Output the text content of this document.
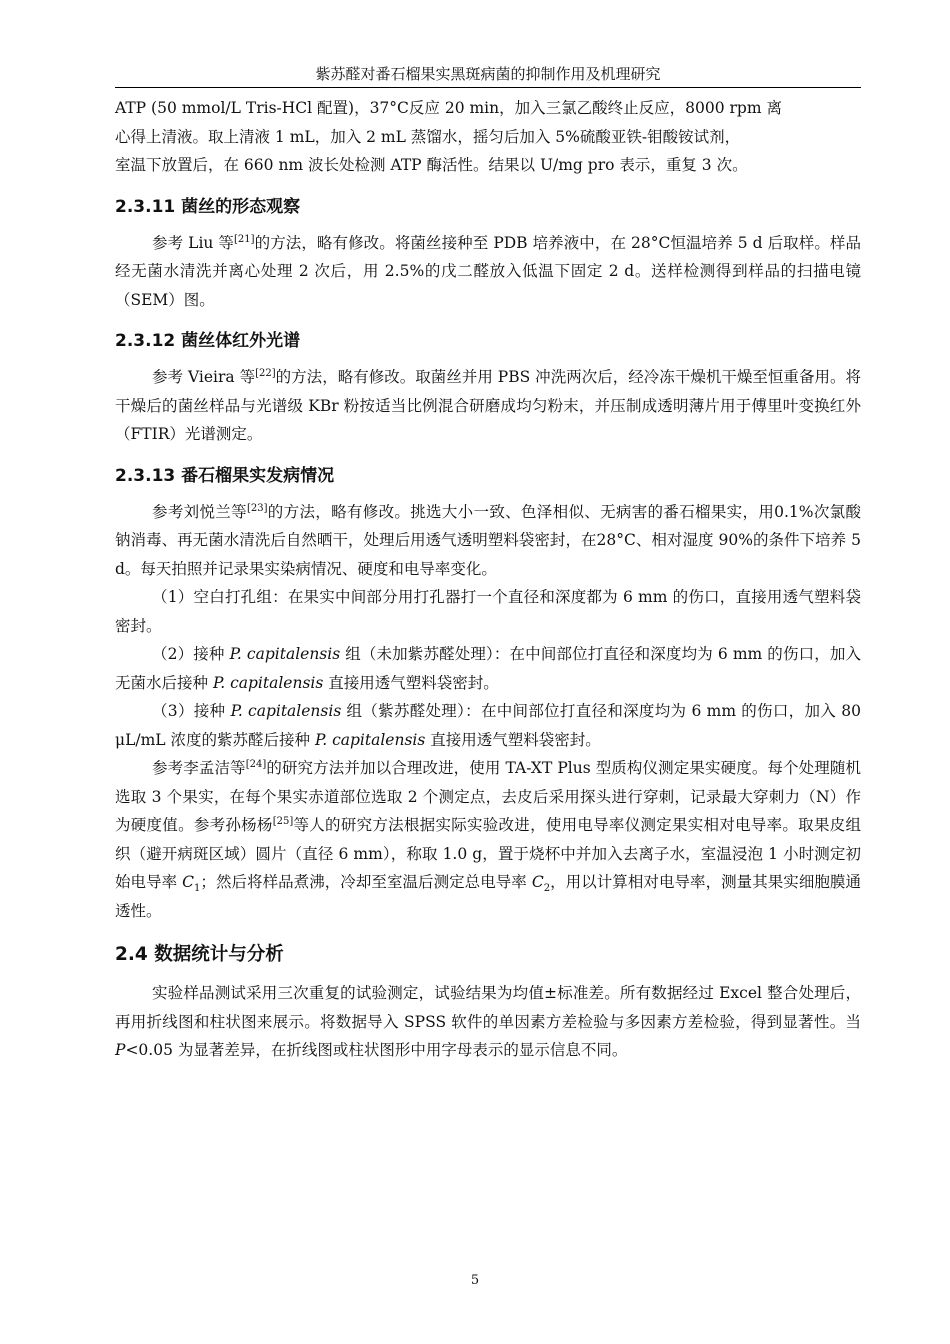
紫苏醛对番石榴果实黑斑病菌的抑制作用及机理研究

ATP (50 mmol/L Tris-HCl 配置)，37°C反应 20 min，加入三氯乙酸终止反应，8000 rpm 离
心得上清液。取上清液 1 mL，加入 2 mL 蒸馏水，摇匀后加入 5%硫酸亚铁-钼酸铵试剂，
室温下放置后，在 660 nm 波长处检测 ATP 酶活性。结果以 U/mg pro 表示，重复 3 次。

2.3.11 菌丝的形态观察

参考 Liu 等[21]的方法，略有修改。将菌丝接种至 PDB 培养液中，在 28°C恒温培养 5 d 后取样。样品经无菌水清洗并离心处理 2 次后，用 2.5%的戊二醛放入低温下固定 2 d。送样检测得到样品的扫描电镜（SEM）图。

2.3.12 菌丝体红外光谱

参考 Vieira 等[22]的方法，略有修改。取菌丝并用 PBS 冲洗两次后，经冷冻干燥机干燥至恒重备用。将干燥后的菌丝样品与光谱级 KBr 粉按适当比例混合研磨成均匀粉末，并压制成透明薄片用于傅里叶变换红外（FTIR）光谱测定。

2.3.13 番石榴果实发病情况

参考刘悦兰等[23]的方法，略有修改。挑选大小一致、色泽相似、无病害的番石榴果实，用0.1%次氯酸钠消毒、再无菌水清洗后自然晒干，处理后用透气透明塑料袋密封，在28°C、相对湿度 90%的条件下培养 5 d。每天拍照并记录果实染病情况、硬度和电导率变化。

（1）空白打孔组：在果实中间部分用打孔器打一个直径和深度都为 6 mm 的伤口，直接用透气塑料袋密封。

（2）接种 P. capitalensis 组（未加紫苏醛处理）：在中间部位打直径和深度均为 6 mm 的伤口，加入无菌水后接种 P. capitalensis 直接用透气塑料袋密封。

（3）接种 P. capitalensis 组（紫苏醛处理）：在中间部位打直径和深度均为 6 mm 的伤口，加入 80 μL/mL 浓度的紫苏醛后接种 P. capitalensis 直接用透气塑料袋密封。

参考李孟洁等[24]的研究方法并加以合理改进，使用 TA-XT Plus 型质构仪测定果实硬度。每个处理随机选取 3 个果实，在每个果实赤道部位选取 2 个测定点，去皮后采用探头进行穿刺，记录最大穿刺力（N）作为硬度值。参考孙杨杨[25]等人的研究方法根据实际实验改进，使用电导率仪测定果实相对电导率。取果皮组织（避开病斑区域）圆片（直径 6 mm），称取 1.0 g，置于烧杯中并加入去离子水，室温浸泡 1 小时测定初始电导率 $C_1$；然后将样品煮沸，冷却至室温后测定总电导率 $C_2$，用以计算相对电导率，测量其果实细胞膜通透性。

2.4 数据统计与分析

实验样品测试采用三次重复的试验测定，试验结果为均值±标准差。所有数据经过 Excel 整合处理后，再用折线图和柱状图来展示。将数据导入 SPSS 软件的单因素方差检验与多因素方差检验，得到显著性。当 P<0.05 为显著差异，在折线图或柱状图形中用字母表示的显示信息不同。

5
